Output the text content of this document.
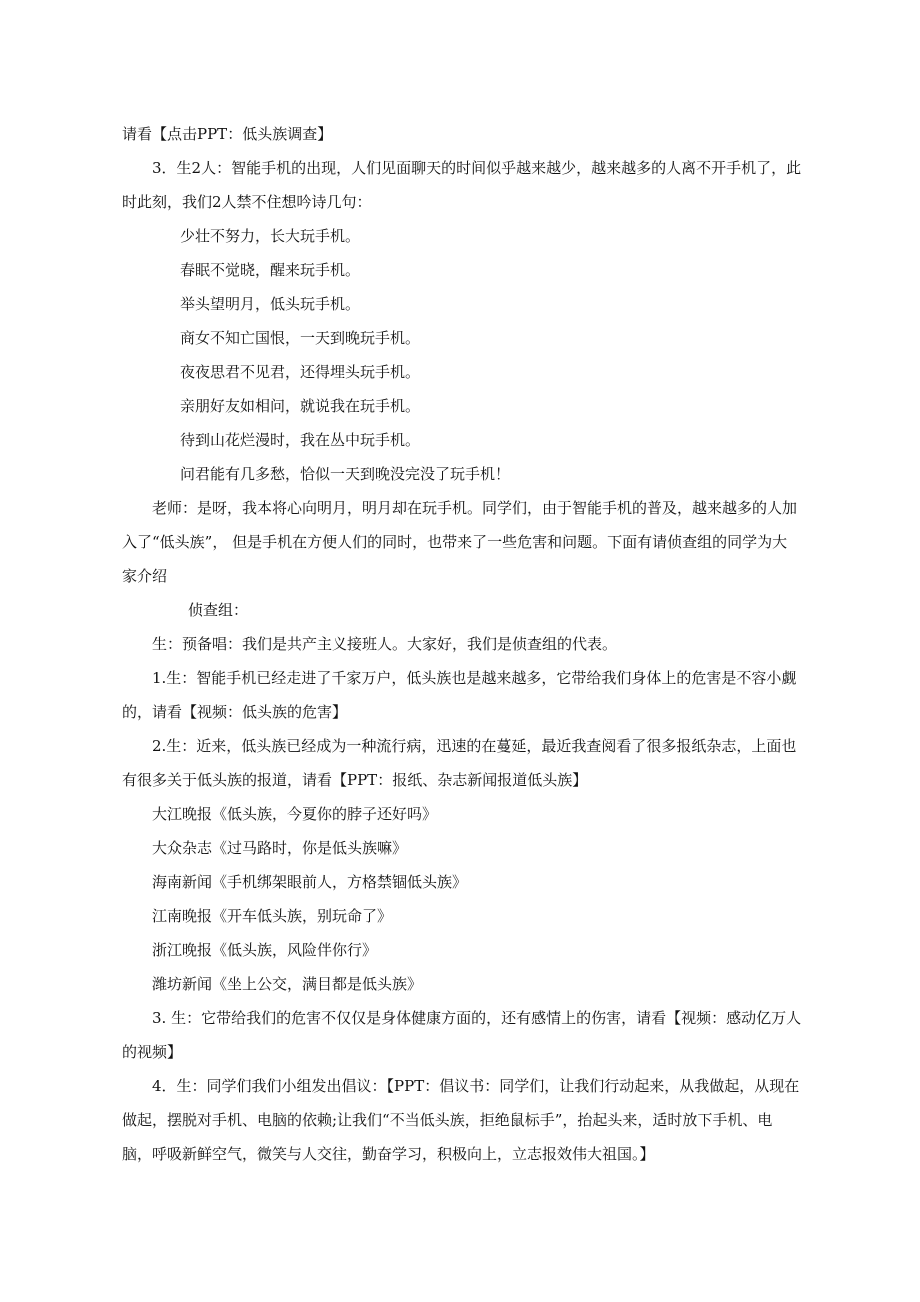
请看【点击PPT：低头族调查】

3．生2人：智能手机的出现，人们见面聊天的时间似乎越来越少，越来越多的人离不开手机了，此时此刻，我们2人禁不住想吟诗几句：

少壮不努力，长大玩手机。

春眠不觉晓，醒来玩手机。

举头望明月，低头玩手机。

商女不知亡国恨，一天到晚玩手机。

夜夜思君不见君，还得埋头玩手机。

亲朋好友如相问，就说我在玩手机。

待到山花烂漫时，我在丛中玩手机。

问君能有几多愁，恰似一天到晚没完没了玩手机！

老师：是呀，我本将心向明月，明月却在玩手机。同学们，由于智能手机的普及，越来越多的人加入了“低头族”， 但是手机在方便人们的同时，也带来了一些危害和问题。下面有请侦查组的同学为大家介绍

侦查组：

生：预备唱：我们是共产主义接班人。大家好，我们是侦查组的代表。

1.生：智能手机已经走进了千家万户，低头族也是越来越多，它带给我们身体上的危害是不容小觑的，请看【视频：低头族的危害】

2.生：近来，低头族已经成为一种流行病，迅速的在蔓延，最近我查阅看了很多报纸杂志，上面也有很多关于低头族的报道，请看【PPT：报纸、杂志新闻报道低头族】

大江晚报《低头族，今夏你的脖子还好吗》

大众杂志《过马路时，你是低头族嘛》

海南新闻《手机绑架眼前人，方格禁锢低头族》

江南晚报《开车低头族，别玩命了》

浙江晚报《低头族，风险伴你行》

潍坊新闻《坐上公交，满目都是低头族》

3. 生：它带给我们的危害不仅仅是身体健康方面的，还有感情上的伤害，请看【视频：感动亿万人的视频】

4．生：同学们我们小组发出倡议：【PPT：倡议书：同学们，让我们行动起来，从我做起，从现在做起，摆脱对手机、电脑的依赖;让我们“不当低头族，拒绝鼠标手”，抬起头来，适时放下手机、电脑，呼吸新鲜空气，微笑与人交往，勤奋学习，积极向上，立志报效伟大祖国。】
